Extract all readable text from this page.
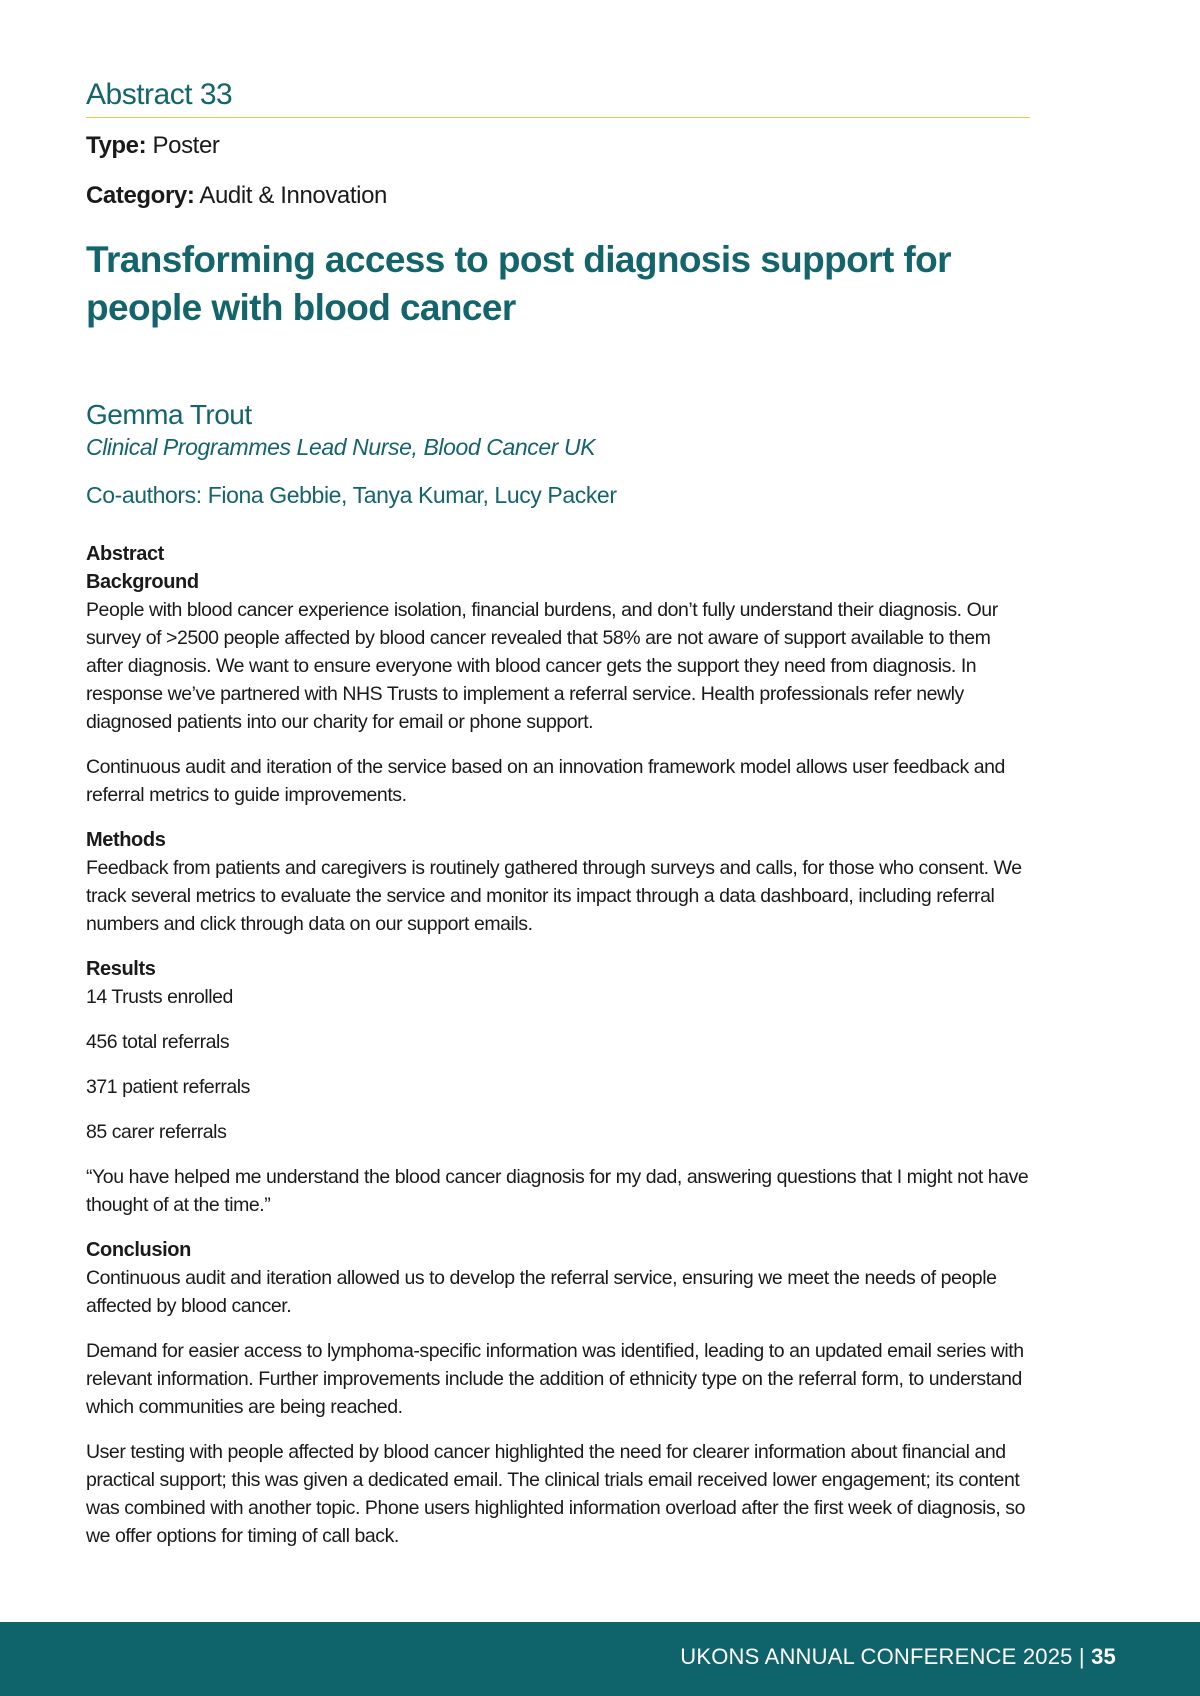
Abstract 33
Type: Poster
Category: Audit & Innovation
Transforming access to post diagnosis support for people with blood cancer
Gemma Trout
Clinical Programmes Lead Nurse, Blood Cancer UK
Co-authors: Fiona Gebbie, Tanya Kumar, Lucy Packer
Abstract
Background

People with blood cancer experience isolation, financial burdens, and don’t fully understand their diagnosis. Our survey of >2500 people affected by blood cancer revealed that 58% are not aware of support available to them after diagnosis. We want to ensure everyone with blood cancer gets the support they need from diagnosis. In response we’ve partnered with NHS Trusts to implement a referral service. Health professionals refer newly diagnosed patients into our charity for email or phone support.

Continuous audit and iteration of the service based on an innovation framework model allows user feedback and referral metrics to guide improvements.

Methods

Feedback from patients and caregivers is routinely gathered through surveys and calls, for those who consent. We track several metrics to evaluate the service and monitor its impact through a data dashboard, including referral numbers and click through data on our support emails.

Results

14 Trusts enrolled

456 total referrals

371 patient referrals

85 carer referrals

“You have helped me understand the blood cancer diagnosis for my dad, answering questions that I might not have thought of at the time.”

Conclusion

Continuous audit and iteration allowed us to develop the referral service, ensuring we meet the needs of people affected by blood cancer.

Demand for easier access to lymphoma-specific information was identified, leading to an updated email series with relevant information. Further improvements include the addition of ethnicity type on the referral form, to understand which communities are being reached.

User testing with people affected by blood cancer highlighted the need for clearer information about financial and practical support; this was given a dedicated email. The clinical trials email received lower engagement; its content was combined with another topic. Phone users highlighted information overload after the first week of diagnosis, so we offer options for timing of call back.

UKONS ANNUAL CONFERENCE 2025 | 35
